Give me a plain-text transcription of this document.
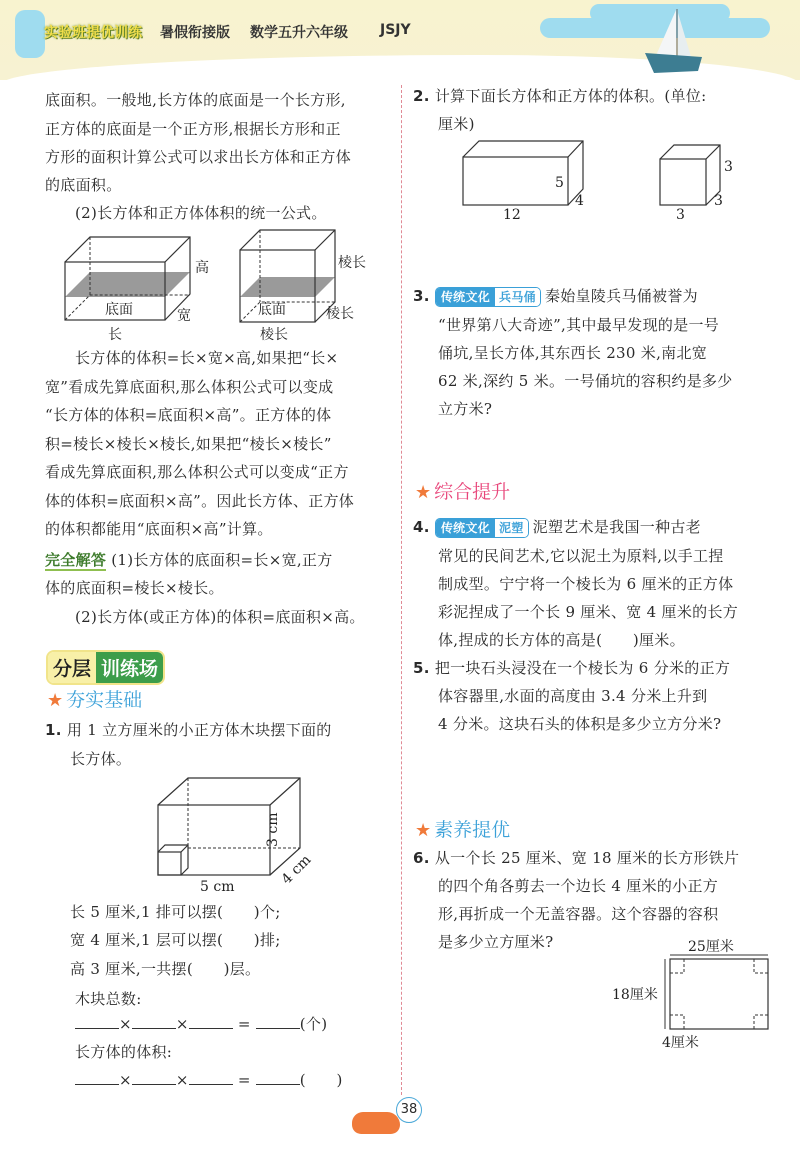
实验班提优训练 暑假衔接版 数学五升六年级 JSJY
底面积。一般地,长方体的底面是一个长方形,
正方体的底面是一个正方形,根据长方形和正
方形的面积计算公式可以求出长方体和正方体
的底面积。
(2)长方体和正方体体积的统一公式。
高
底面	宽
长
棱长
底面	棱长
棱长
长方体的体积=长×宽×高,如果把“长×
宽”看成先算底面积,那么体积公式可以变成
“长方体的体积=底面积×高”。正方体的体
积=棱长×棱长×棱长,如果把“棱长×棱长”
看成先算底面积,那么体积公式可以变成“正方
体的体积=底面积×高”。因此长方体、正方体
的体积都能用“底面积×高”计算。
完全解答 (1)长方体的底面积=长×宽,正方
体的底面积=棱长×棱长。
(2)长方体(或正方体)的体积=底面积×高。
分层 训练场
★ 夯实基础
1. 用 1 立方厘米的小正方体木块摆下面的
长方体。
3 cm
5 cm	4 cm
长 5 厘米,1 排可以摆(　　)个;
宽 4 厘米,1 层可以摆(　　)排;
高 3 厘米,一共摆(　　)层。
木块总数:
×	×	=	(个)
长方体的体积:
×	×	=	(　　)
2. 计算下面长方体和正方体的体积。(单位:
厘米)
5
4
12
3
3
3
3. 传统文化 兵马俑 秦始皇陵兵马俑被誉为
“世界第八大奇迹”,其中最早发现的是一号
俑坑,呈长方体,其东西长 230 米,南北宽
62 米,深约 5 米。一号俑坑的容积约是多少
立方米?
★ 综合提升
4. 传统文化 泥塑 泥塑艺术是我国一种古老
常见的民间艺术,它以泥土为原料,以手工捏
制成型。宁宁将一个棱长为 6 厘米的正方体
彩泥捏成了一个长 9 厘米、宽 4 厘米的长方
体,捏成的长方体的高是(　　)厘米。
5. 把一块石头浸没在一个棱长为 6 分米的正方
体容器里,水面的高度由 3.4 分米上升到
4 分米。这块石头的体积是多少立方分米?
★ 素养提优
6. 从一个长 25 厘米、宽 18 厘米的长方形铁片
的四个角各剪去一个边长 4 厘米的小正方
形,再折成一个无盖容器。这个容器的容积
是多少立方厘米?	25厘米
18厘米
4厘米
38
